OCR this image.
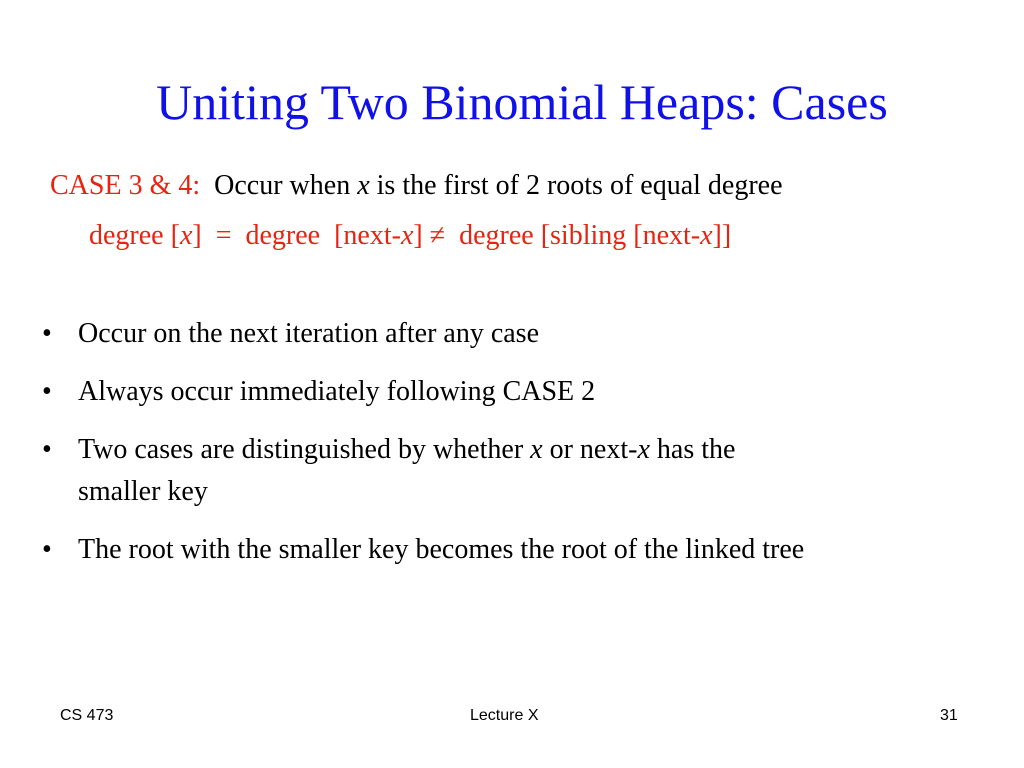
Uniting Two Binomial Heaps: Cases
CASE 3 & 4: Occur when x is the first of 2 roots of equal degree
degree [x]  =  degree  [next-x] ≠  degree [sibling [next-x]]
• Occur on the next iteration after any case
• Always occur immediately following CASE 2
• Two cases are distinguished by whether x or next-x has the
smaller key
• The root with the smaller key becomes the root of the linked tree
CS 473	Lecture X	31
